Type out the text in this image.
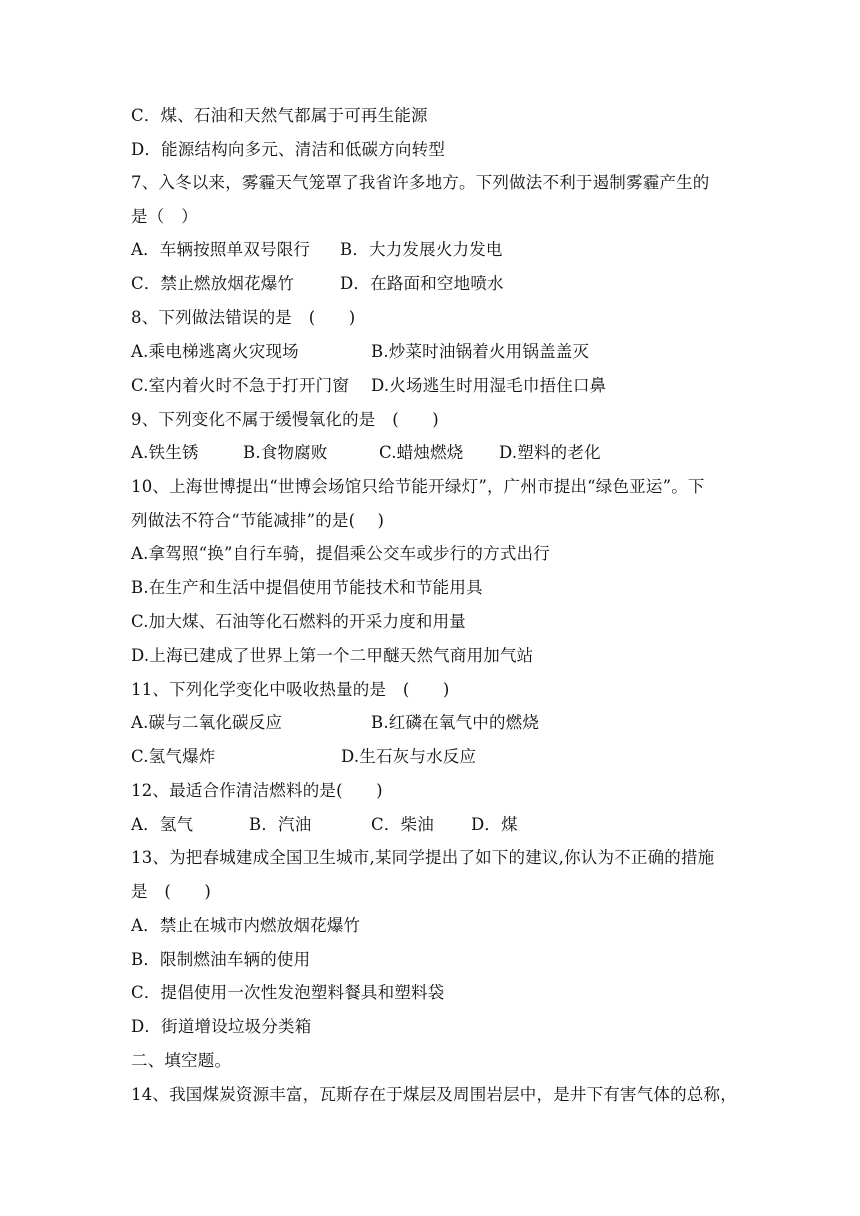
C．煤、石油和天然气都属于可再生能源
D．能源结构向多元、清洁和低碳方向转型
7、入冬以来，雾霾天气笼罩了我省许多地方。下列做法不利于遏制雾霾产生的
是（　）
A．车辆按照单双号限行 B．大力发展火力发电
C．禁止燃放烟花爆竹	D．在路面和空地喷水
8、下列做法错误的是　(　　)
A.乘电梯逃离火灾现场	B.炒菜时油锅着火用锅盖盖灭
C.室内着火时不急于打开门窗 D.火场逃生时用湿毛巾捂住口鼻
9、下列变化不属于缓慢氧化的是　(　　)
A.铁生锈	B.食物腐败	C.蜡烛燃烧 D.塑料的老化
10、上海世博提出“世博会场馆只给节能开绿灯”，广州市提出“绿色亚运”。下
列做法不符合“节能减排”的是(　 )
A.拿驾照“换”自行车骑，提倡乘公交车或步行的方式出行
B.在生产和生活中提倡使用节能技术和节能用具
C.加大煤、石油等化石燃料的开采力度和用量
D.上海已建成了世界上第一个二甲醚天然气商用加气站
11、下列化学变化中吸收热量的是　(　　)
A.碳与二氧化碳反应	B.红磷在氧气中的燃烧
C.氢气爆炸	D.生石灰与水反应
12、最适合作清洁燃料的是(　　)
A．氢气	B．汽油	C．柴油 D．煤
13、为把春城建成全国卫生城市,某同学提出了如下的建议,你认为不正确的措施
是　(　　)
A．禁止在城市内燃放烟花爆竹
B．限制燃油车辆的使用
C．提倡使用一次性发泡塑料餐具和塑料袋
D．街道增设垃圾分类箱
二、填空题。
14、我国煤炭资源丰富，瓦斯存在于煤层及周围岩层中，是井下有害气体的总称，
